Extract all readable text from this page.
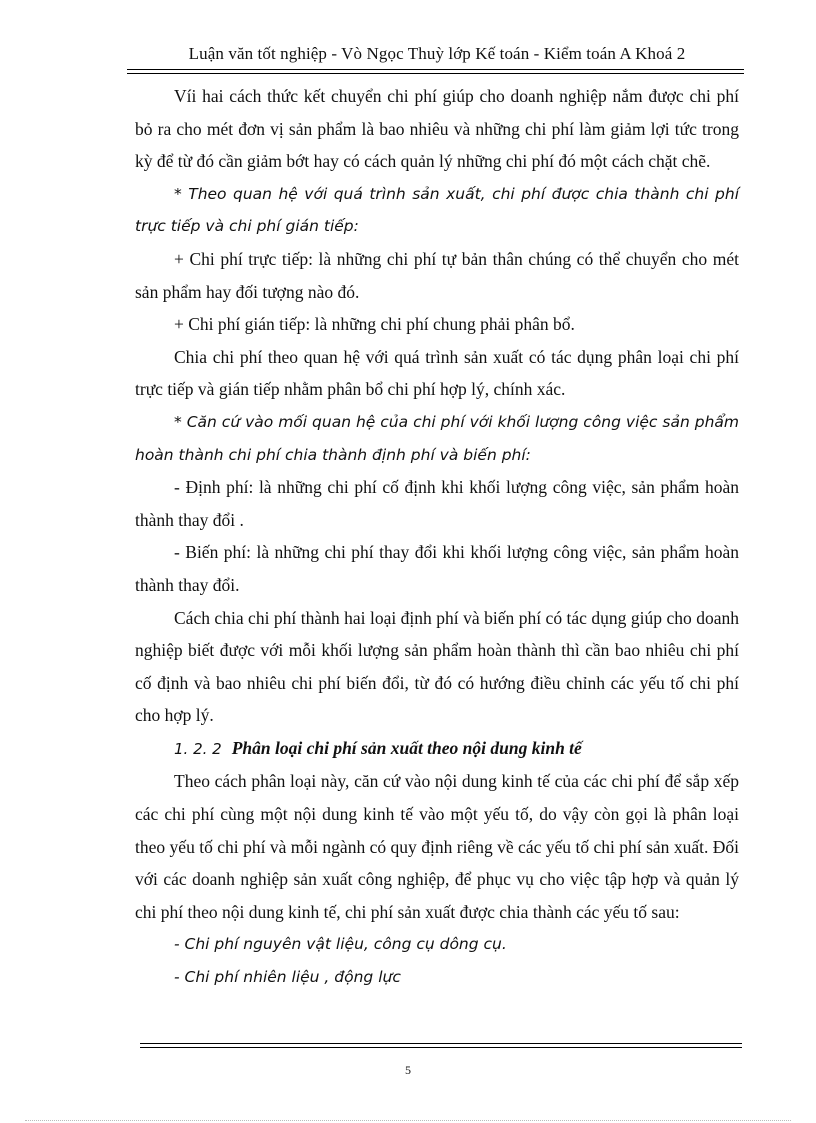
Luận văn tốt nghiệp - Vò Ngọc Thuỳ lớp Kế toán - Kiểm toán A Khoá 2

Víi hai cách thức kết chuyển chi phí giúp cho doanh nghiệp nắm được chi phí bỏ ra cho mét đơn vị sản phẩm là bao nhiêu và những chi phí làm giảm lợi tức trong kỳ để từ đó cần giảm bớt hay có cách quản lý những chi phí đó một cách chặt chẽ.

* Theo quan hệ với quá trình sản xuất, chi phí được chia thành chi phí trực tiếp và chi phí gián tiếp:

+ Chi phí trực tiếp: là những chi phí tự bản thân chúng có thể chuyển cho mét sản phẩm hay đối tượng nào đó.

+ Chi phí gián tiếp: là những chi phí chung phải phân bổ.

Chia chi phí theo quan hệ với quá trình sản xuất có tác dụng phân loại chi phí trực tiếp và gián tiếp nhằm phân bổ chi phí hợp lý, chính xác.

* Căn cứ vào mối quan hệ của chi phí với khối lượng công việc sản phẩm hoàn thành chi phí chia thành định phí và biến phí:

- Định phí: là những chi phí cố định khi khối lượng công việc, sản phẩm hoàn thành thay đổi .

- Biến phí: là những chi phí thay đổi khi khối lượng công việc, sản phẩm hoàn thành thay đổi.

Cách chia chi phí thành hai loại định phí và biến phí có tác dụng giúp cho doanh nghiệp biết được với mỗi khối lượng sản phẩm hoàn thành thì cần bao nhiêu chi phí cố định và bao nhiêu chi phí biến đổi, từ đó có hướng điều chỉnh các yếu tố chi phí cho hợp lý.

1. 2. 2 Phân loại chi phí sản xuất theo nội dung kinh tế

Theo cách phân loại này, căn cứ vào nội dung kinh tế của các chi phí để sắp xếp các chi phí cùng một nội dung kinh tế vào một yếu tố, do vậy còn gọi là phân loại theo yếu tố chi phí và mỗi ngành có quy định riêng về các yếu tố chi phí sản xuất. Đối với các doanh nghiệp sản xuất công nghiệp, để phục vụ cho việc tập hợp và quản lý chi phí theo nội dung kinh tế, chi phí sản xuất được chia thành các yếu tố sau:

- Chi phí nguyên vật liệu, công cụ dông cụ.

- Chi phí nhiên liệu , động lực

5
